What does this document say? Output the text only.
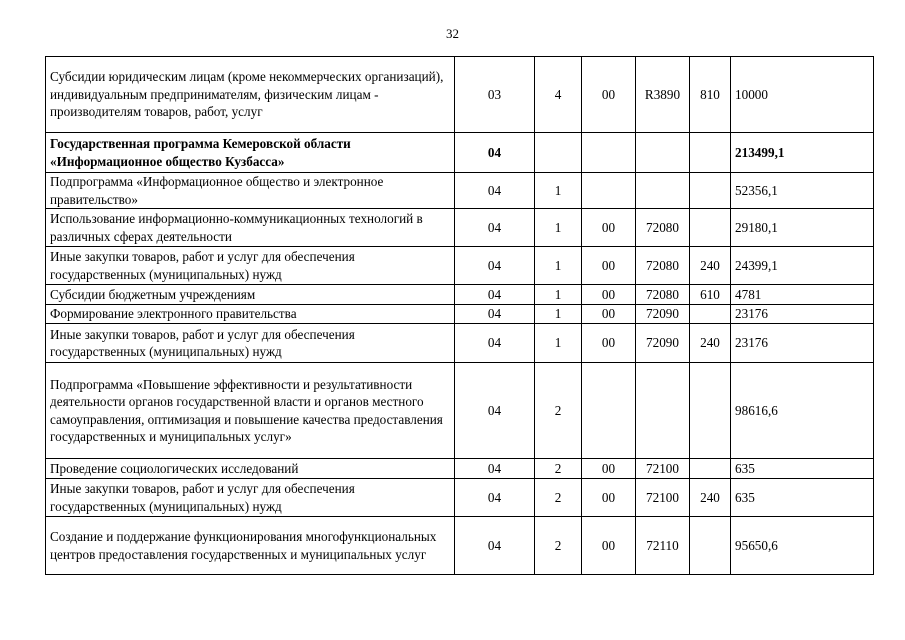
32
Субсидии юридическим лицам (кроме некоммерческих организаций), индивидуальным предпринимателям, физическим лицам - производителям товаров, работ, услуг	03	4	00	R3890	810	10000
Государственная программа Кемеровской области «Информационное общество Кузбасса»	04					213499,1
Подпрограмма «Информационное общество и электронное правительство»	04	1				52356,1
Использование информационно-коммуникационных технологий в различных сферах деятельности	04	1	00	72080		29180,1
Иные закупки товаров, работ и услуг для обеспечения государственных (муниципальных) нужд	04	1	00	72080	240	24399,1
Субсидии бюджетным учреждениям	04	1	00	72080	610	4781
Формирование электронного правительства	04	1	00	72090		23176
Иные закупки товаров, работ и услуг для обеспечения государственных (муниципальных) нужд	04	1	00	72090	240	23176
Подпрограмма «Повышение эффективности и результативности деятельности органов государственной власти и органов местного самоуправления, оптимизация и повышение качества предоставления государственных и муниципальных услуг»	04	2				98616,6
Проведение социологических исследований	04	2	00	72100		635
Иные закупки товаров, работ и услуг для обеспечения государственных (муниципальных) нужд	04	2	00	72100	240	635
Создание и поддержание функционирования многофункциональных центров предоставления государственных и муниципальных услуг	04	2	00	72110		95650,6
